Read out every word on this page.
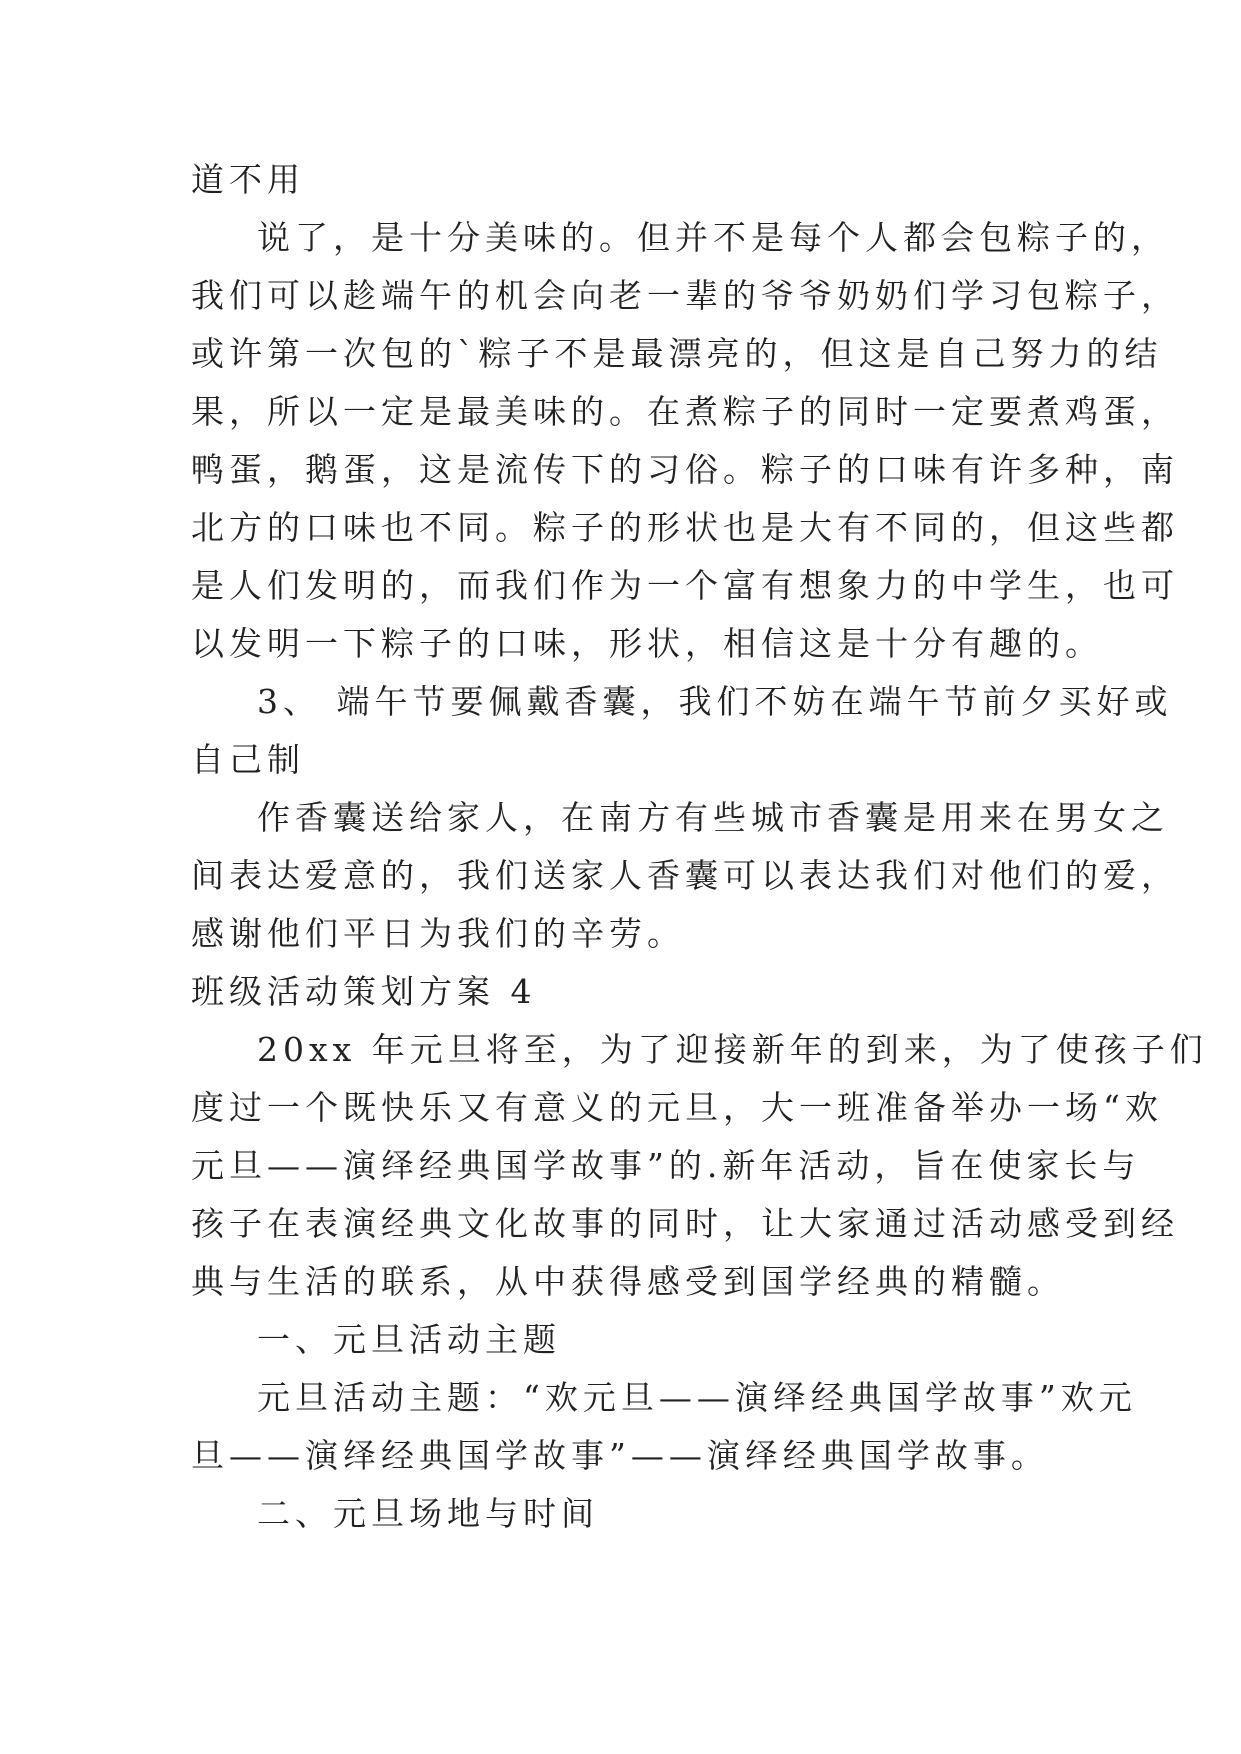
道不用
说了，是十分美味的。但并不是每个人都会包粽子的，
我们可以趁端午的机会向老一辈的爷爷奶奶们学习包粽子，
或许第一次包的`粽子不是最漂亮的，但这是自己努力的结
果，所以一定是最美味的。在煮粽子的同时一定要煮鸡蛋，
鸭蛋，鹅蛋，这是流传下的习俗。粽子的口味有许多种，南
北方的口味也不同。粽子的形状也是大有不同的，但这些都
是人们发明的，而我们作为一个富有想象力的中学生，也可
以发明一下粽子的口味，形状，相信这是十分有趣的。
3、 端午节要佩戴香囊，我们不妨在端午节前夕买好或
自己制
作香囊送给家人，在南方有些城市香囊是用来在男女之
间表达爱意的，我们送家人香囊可以表达我们对他们的爱，
感谢他们平日为我们的辛劳。
班级活动策划方案 4
20xx 年元旦将至，为了迎接新年的到来，为了使孩子们
度过一个既快乐又有意义的元旦，大一班准备举办一场“欢
元旦——演绎经典国学故事”的.新年活动，旨在使家长与
孩子在表演经典文化故事的同时，让大家通过活动感受到经
典与生活的联系，从中获得感受到国学经典的精髓。
一、元旦活动主题
元旦活动主题：“欢元旦——演绎经典国学故事”欢元
旦——演绎经典国学故事”——演绎经典国学故事。
二、元旦场地与时间
